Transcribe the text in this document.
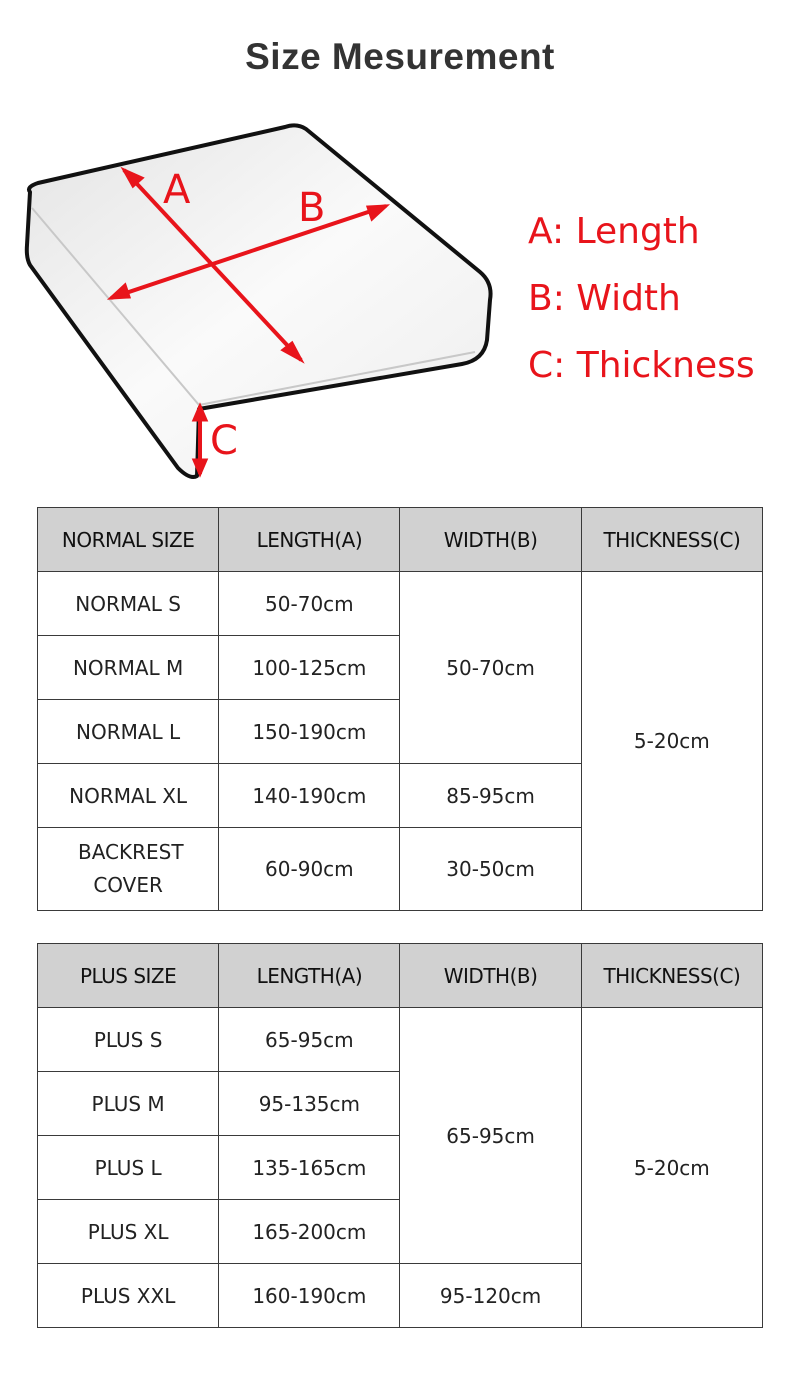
Size Mesurement
A	B
C
A: Length
B: Width
C: Thickness
NORMAL SIZE	LENGTH(A)	WIDTH(B)	THICKNESS(C)
NORMAL S	50-70cm	50-70cm	5-20cm
NORMAL M	100-125cm		
NORMAL L	150-190cm		
NORMAL XL	140-190cm	85-95cm	
BACKREST COVER	60-90cm	30-50cm	
PLUS SIZE	LENGTH(A)	WIDTH(B)	THICKNESS(C)
PLUS S	65-95cm	65-95cm	5-20cm
PLUS M	95-135cm		
PLUS L	135-165cm		
PLUS XL	165-200cm		
PLUS XXL	160-190cm	95-120cm	
